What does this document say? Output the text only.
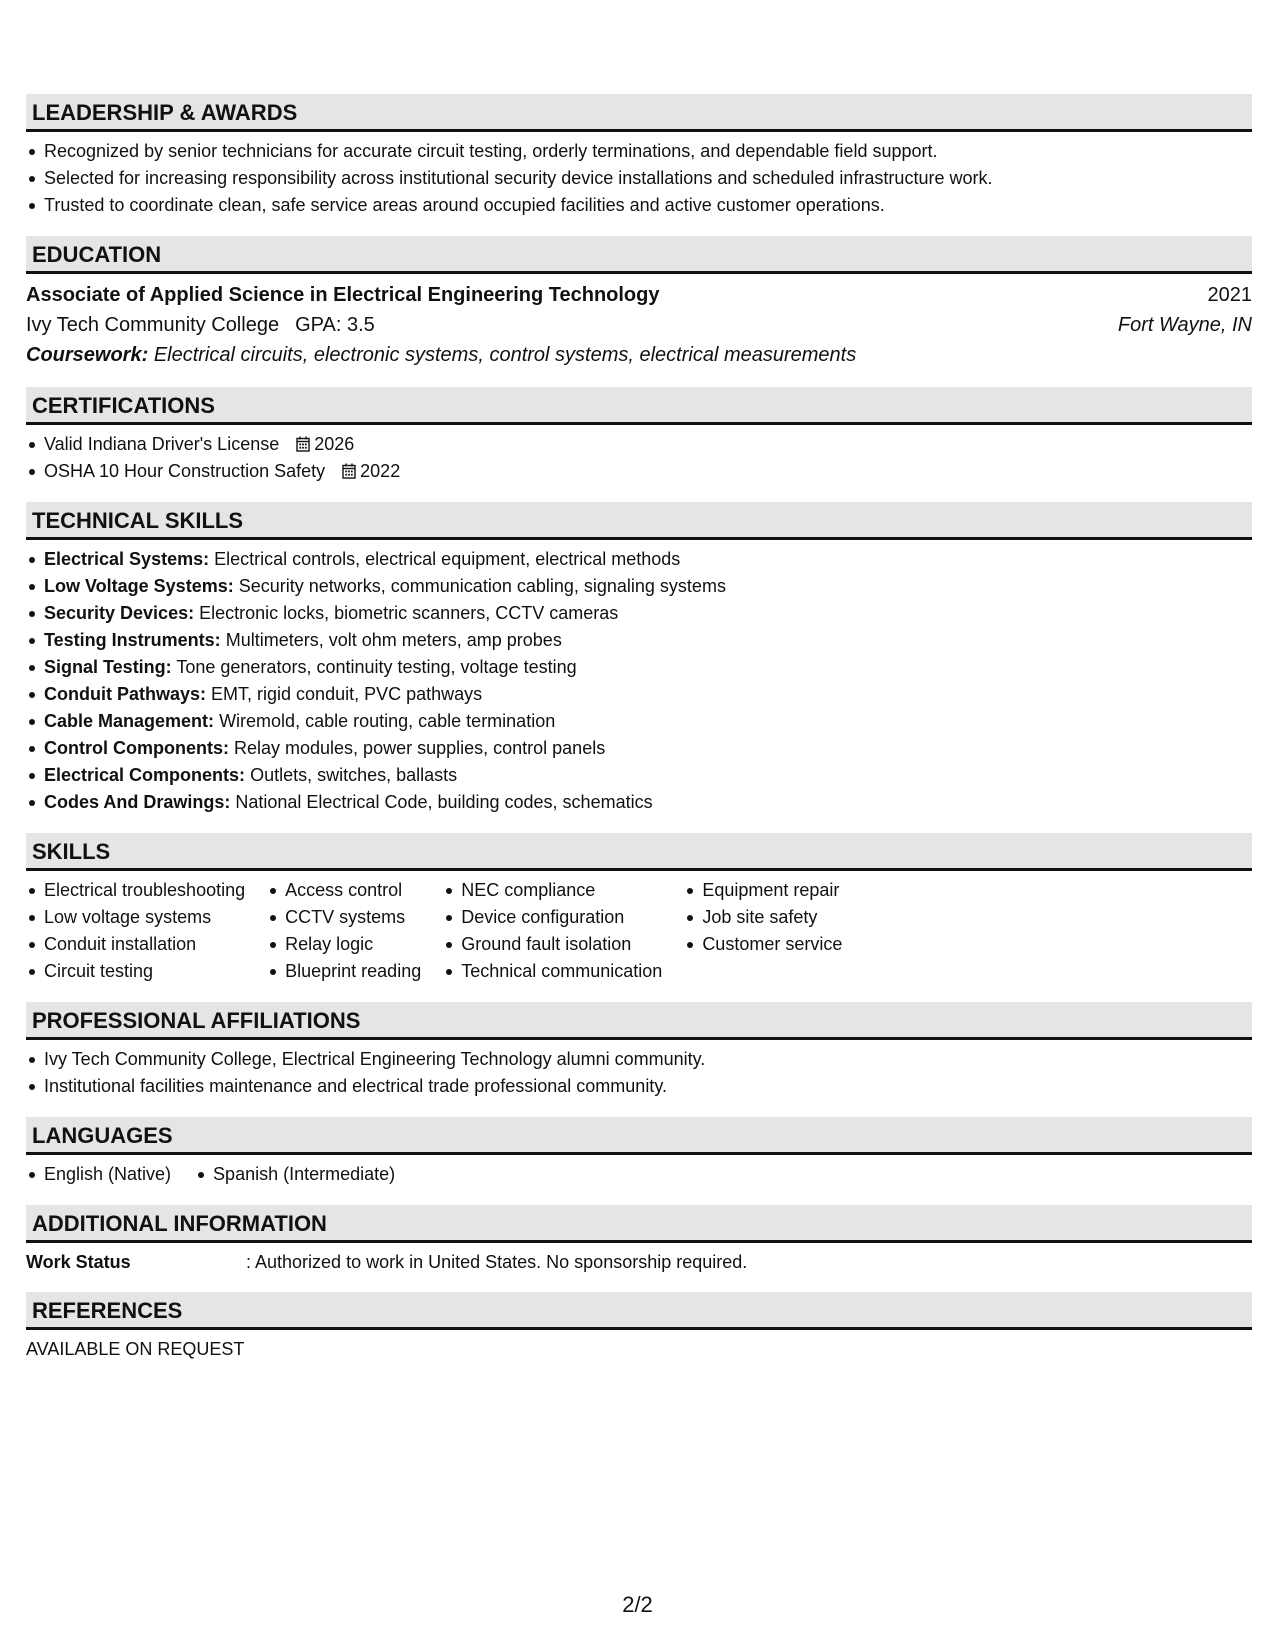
LEADERSHIP & AWARDS
Recognized by senior technicians for accurate circuit testing, orderly terminations, and dependable field support.
Selected for increasing responsibility across institutional security device installations and scheduled infrastructure work.
Trusted to coordinate clean, safe service areas around occupied facilities and active customer operations.
EDUCATION
Associate of Applied Science in Electrical Engineering Technology	2021
Ivy Tech Community College GPA: 3.5	Fort Wayne, IN
Coursework: Electrical circuits, electronic systems, control systems, electrical measurements
CERTIFICATIONS
Valid Indiana Driver's License 2026
OSHA 10 Hour Construction Safety 2022
TECHNICAL SKILLS
Electrical Systems: Electrical controls, electrical equipment, electrical methods
Low Voltage Systems: Security networks, communication cabling, signaling systems
Security Devices: Electronic locks, biometric scanners, CCTV cameras
Testing Instruments: Multimeters, volt ohm meters, amp probes
Signal Testing: Tone generators, continuity testing, voltage testing
Conduit Pathways: EMT, rigid conduit, PVC pathways
Cable Management: Wiremold, cable routing, cable termination
Control Components: Relay modules, power supplies, control panels
Electrical Components: Outlets, switches, ballasts
Codes And Drawings: National Electrical Code, building codes, schematics
SKILLS
Electrical troubleshooting
Low voltage systems
Conduit installation
Circuit testing
Access control
CCTV systems
Relay logic
Blueprint reading
NEC compliance
Device configuration
Ground fault isolation
Technical communication
Equipment repair
Job site safety
Customer service
PROFESSIONAL AFFILIATIONS
Ivy Tech Community College, Electrical Engineering Technology alumni community.
Institutional facilities maintenance and electrical trade professional community.
LANGUAGES
English (Native) Spanish (Intermediate)
ADDITIONAL INFORMATION
Work Status	: Authorized to work in United States. No sponsorship required.
REFERENCES
AVAILABLE ON REQUEST
2/2
